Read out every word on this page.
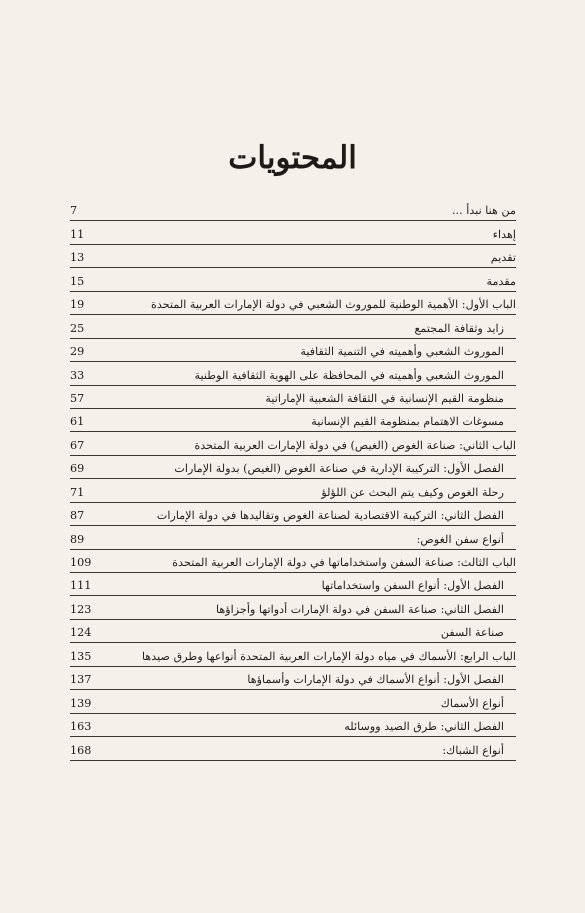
المحتويات
من هنا نبدأ ...
7
إهداء
11
تقديم
13
مقدمة
15
الباب الأول: الأهمية الوطنية للموروث الشعبي في دولة الإمارات العربية المتحدة
19
زايد وثقافة المجتمع
25
الموروث الشعبي وأهميته في التنمية الثقافية
29
الموروث الشعبي وأهميته في المحافظة على الهوية الثقافية الوطنية
33
منظومة القيم الإنسانية في الثقافة الشعبية الإماراتية
57
مسوغات الاهتمام بمنظومة القيم الإنسانية
61
الباب الثاني: صناعة الغوص (الغيص) في دولة الإمارات العربية المتحدة
67
الفصل الأول: التركيبة الإدارية في صناعة الغوص (الغيص) بدولة الإمارات
69
رحلة الغوص وكيف يتم البحث عن اللؤلؤ
71
الفصل الثاني: التركيبة الاقتصادية لصناعة الغوص وتقاليدها في دولة الإمارات
87
أنواع سفن الغوص:
89
الباب الثالث: صناعة السفن واستخداماتها في دولة الإمارات العربية المتحدة
109
الفصل الأول: أنواع السفن واستخداماتها
111
الفصل الثاني: صناعة السفن في دولة الإمارات أدواتها وأجزاؤها
123
صناعة السفن
124
الباب الرابع: الأسماك في مياه دولة الإمارات العربية المتحدة أنواعها وطرق صيدها
135
الفصل الأول: أنواع الأسماك في دولة الإمارات وأسماؤها
137
أنواع الأسماك
139
الفصل الثاني: طرق الصيد ووسائله
163
أنواع الشباك:
168
